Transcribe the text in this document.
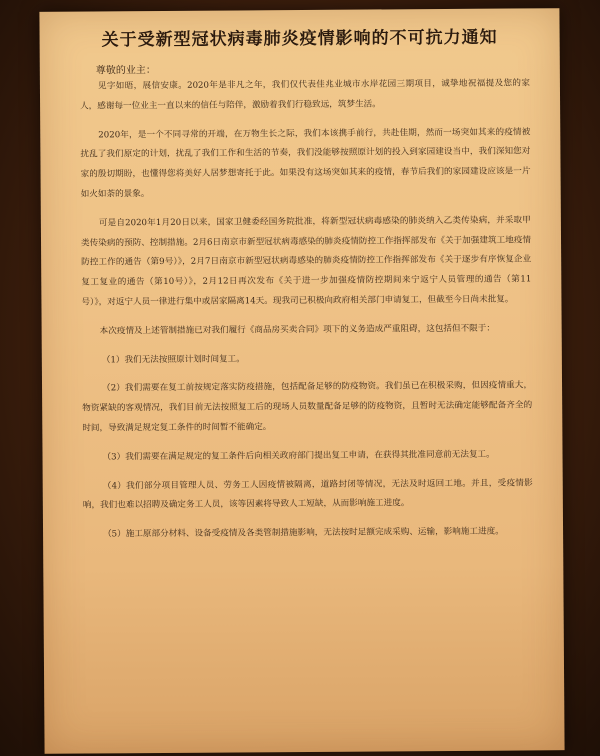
关于受新型冠状病毒肺炎疫情影响的不可抗力通知
尊敬的业主：

见字如晤，展信安康。2020年是非凡之年，我们仅代表佳兆业城市水岸花园三期项目，诚挚地祝福提及您的家人，感谢每一位业主一直以来的信任与陪伴，激励着我们行稳致远，筑梦生活。

2020年，是一个不同寻常的开端，在万物生长之际，我们本该携手前行，共赴佳期，然而一场突如其来的疫情被扰乱了我们原定的计划，扰乱了我们工作和生活的节奏，我们没能够按照原计划的投入到家园建设当中，我们深知您对家的殷切期盼，也懂得您将美好人居梦想寄托于此。如果没有这场突如其来的疫情，春节后我们的家园建设应该是一片如火如荼的景象。

可是自2020年1月20日以来，国家卫健委经国务院批准，将新型冠状病毒感染的肺炎纳入乙类传染病，并采取甲类传染病的预防、控制措施。2月6日南京市新型冠状病毒感染的肺炎疫情防控工作指挥部发布《关于加强建筑工地疫情防控工作的通告（第9号）》，2月7日南京市新型冠状病毒感染的肺炎疫情防控工作指挥部发布《关于逐步有序恢复企业复工复业的通告（第10号）》，2月12日再次发布《关于进一步加强疫情防控期间来宁返宁人员管理的通告（第11号）》，对返宁人员一律进行集中或居家隔离14天。现我司已积极向政府相关部门申请复工，但截至今日尚未批复。

本次疫情及上述管制措施已对我们履行《商品房买卖合同》项下的义务造成严重阻碍，这包括但不限于：

（1）我们无法按照原计划时间复工。

（2）我们需要在复工前按规定落实防疫措施，包括配备足够的防疫物资。我们虽已在积极采购，但因疫情重大，物资紧缺的客观情况，我们目前无法按照复工后的现场人员数量配备足够的防疫物资，且暂时无法确定能够配备齐全的时间，导致满足规定复工条件的时间暂不能确定。

（3）我们需要在满足规定的复工条件后向相关政府部门提出复工申请，在获得其批准同意前无法复工。

（4）我们部分项目管理人员、劳务工人因疫情被隔离，道路封闭等情况，无法及时返回工地。并且，受疫情影响，我们也难以招聘及确定务工人员，该等因素将导致人工短缺，从而影响施工进度。

（5）施工原部分材料、设备受疫情及各类管制措施影响，无法按时足额完成采购、运输，影响施工进度。
